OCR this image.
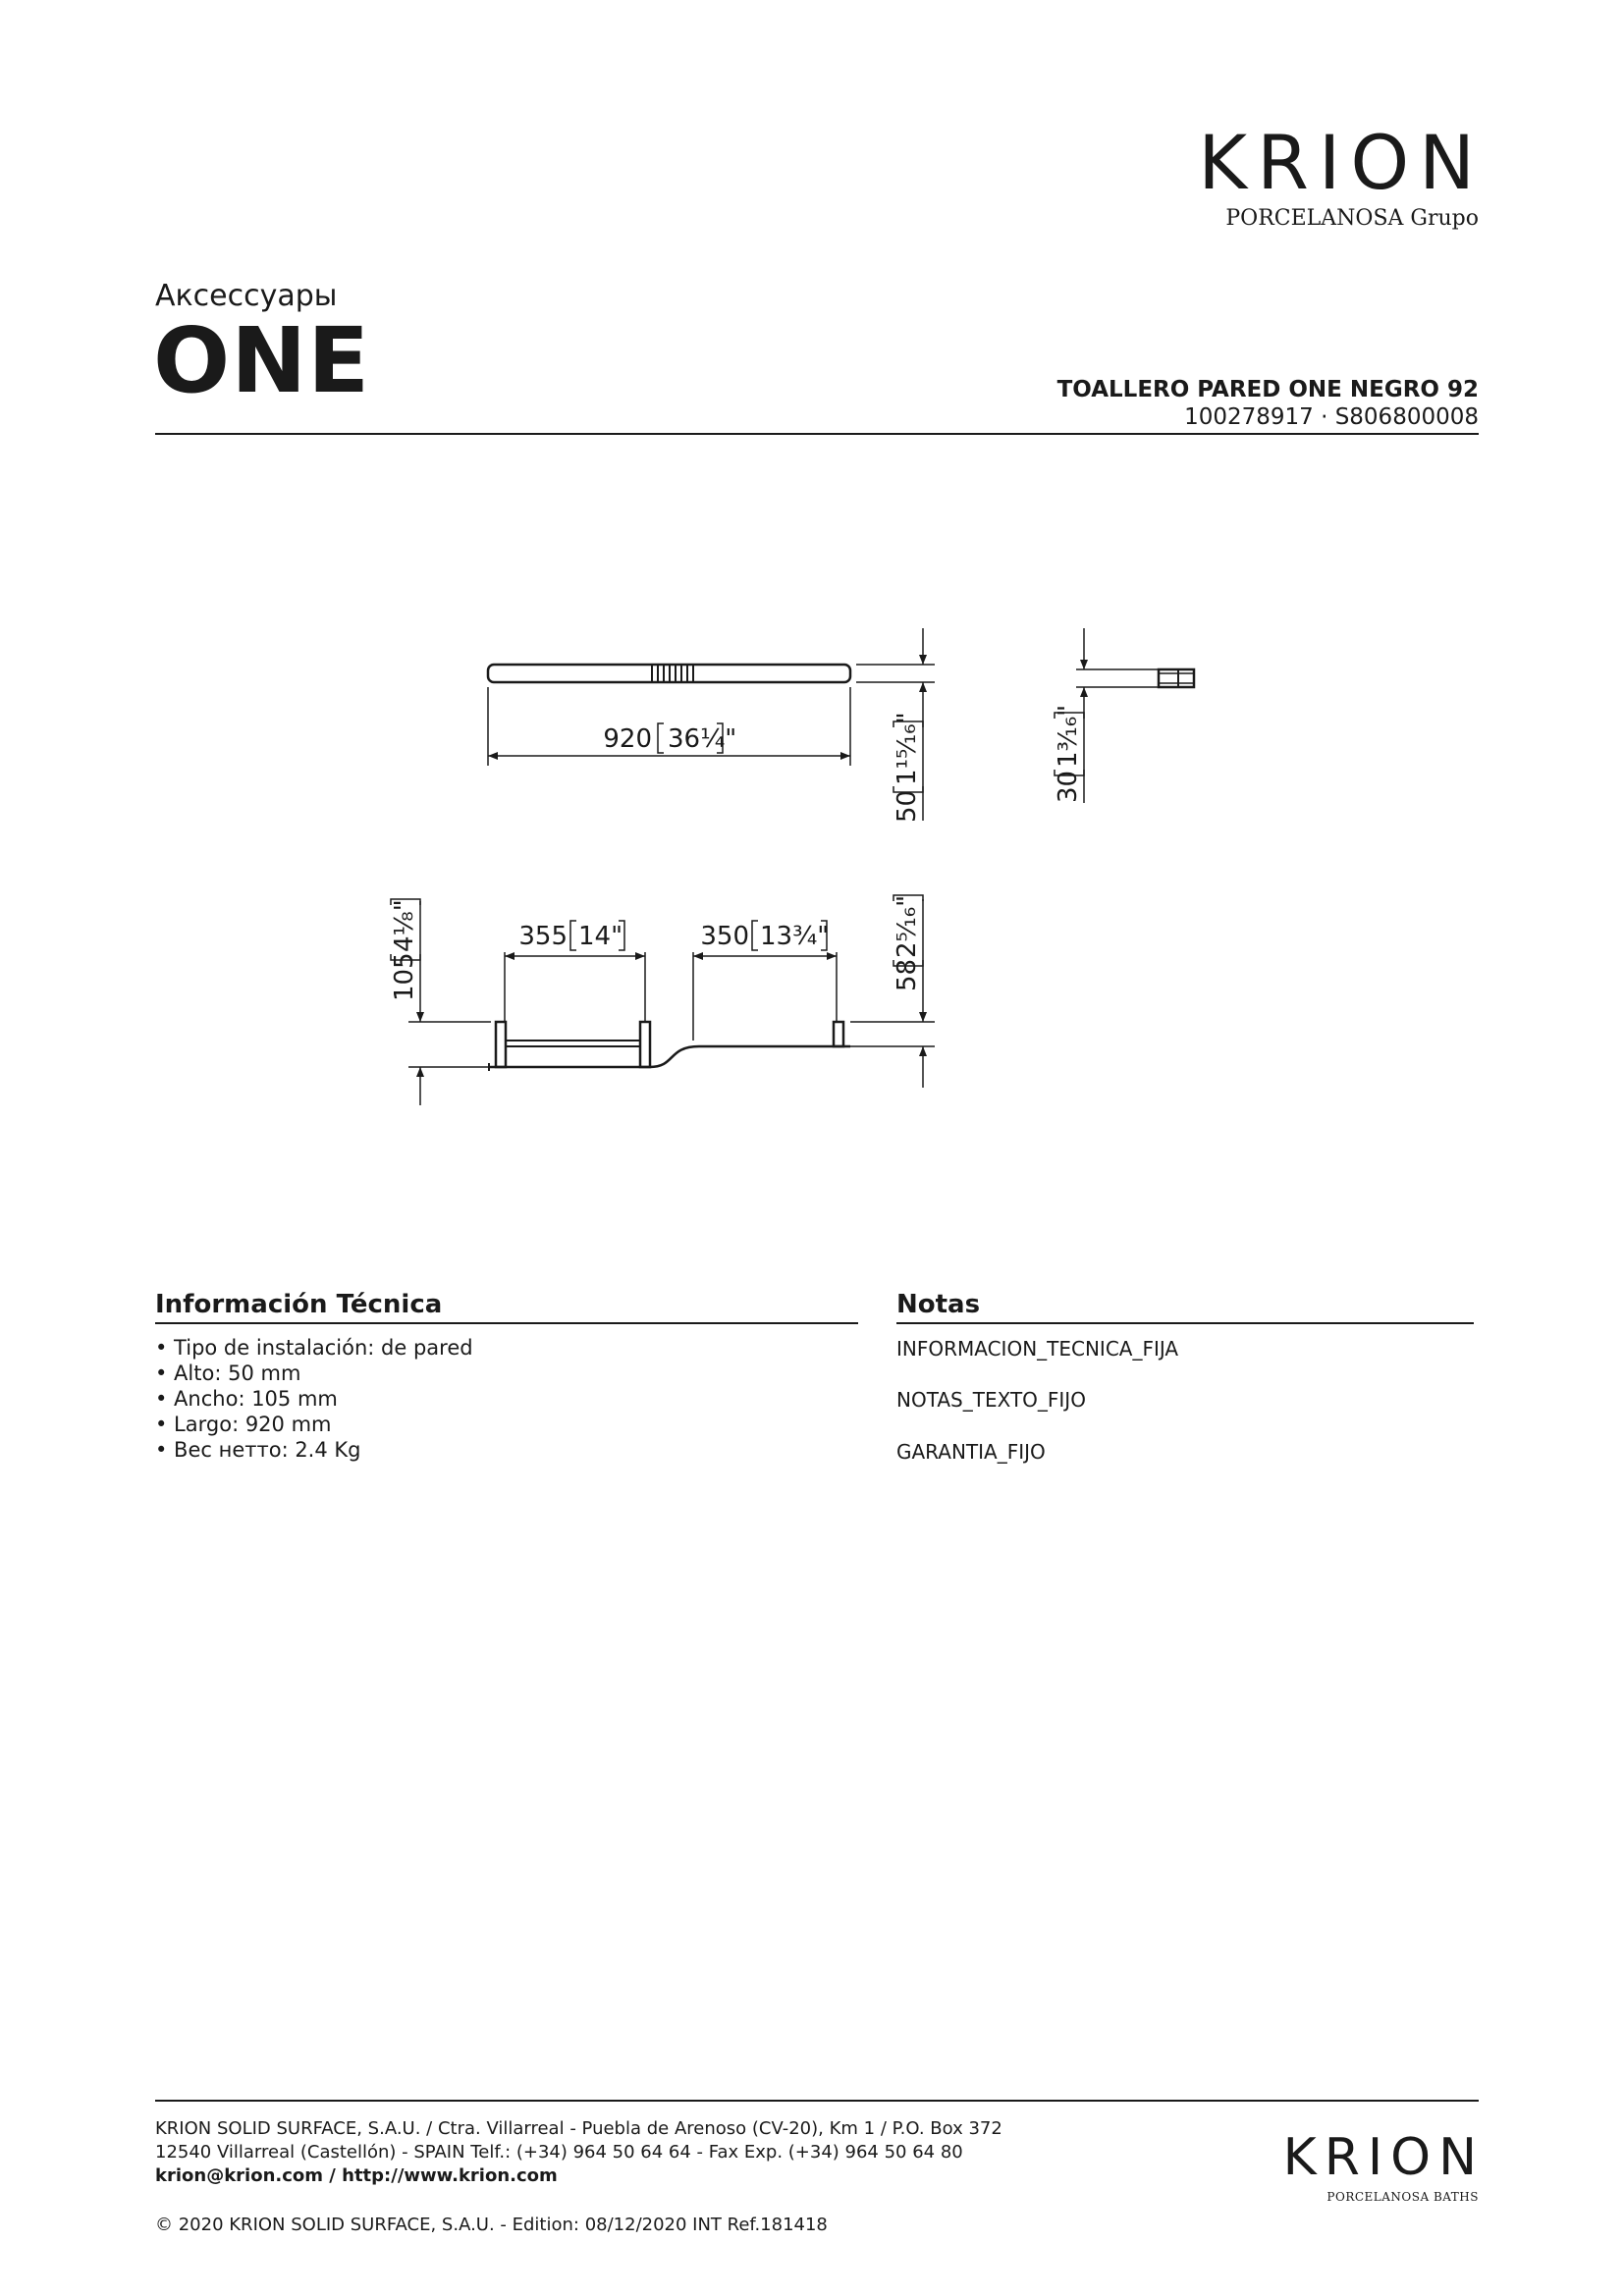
KRION
PORCELANOSA Grupo
Аксессуары
ONE	TOALLERO PARED ONE NEGRO 92
100278917 · S806800008
920 36¼"
50
1¹⁵⁄₁₆"
30
1³⁄₁₆"
105
4⅛"	355 14"	350 13¾"
58
2⁵⁄₁₆"
Información Técnica
• Tipo de instalación: de pared
• Alto: 50 mm
• Ancho: 105 mm
• Largo: 920 mm
• Вес нетто: 2.4 Kg
Notas
INFORMACION_TECNICA_FIJA
NOTAS_TEXTO_FIJO
GARANTIA_FIJO
KRION SOLID SURFACE, S.A.U. / Ctra. Villarreal - Puebla de Arenoso (CV-20), Km 1 / P.O. Box 372
12540 Villarreal (Castellón) - SPAIN Telf.: (+34) 964 50 64 64 - Fax Exp. (+34) 964 50 64 80
krion@krion.com / http://www.krion.com
© 2020 KRION SOLID SURFACE, S.A.U. - Edition: 08/12/2020 INT Ref.181418
KRION
PORCELANOSA BATHS
